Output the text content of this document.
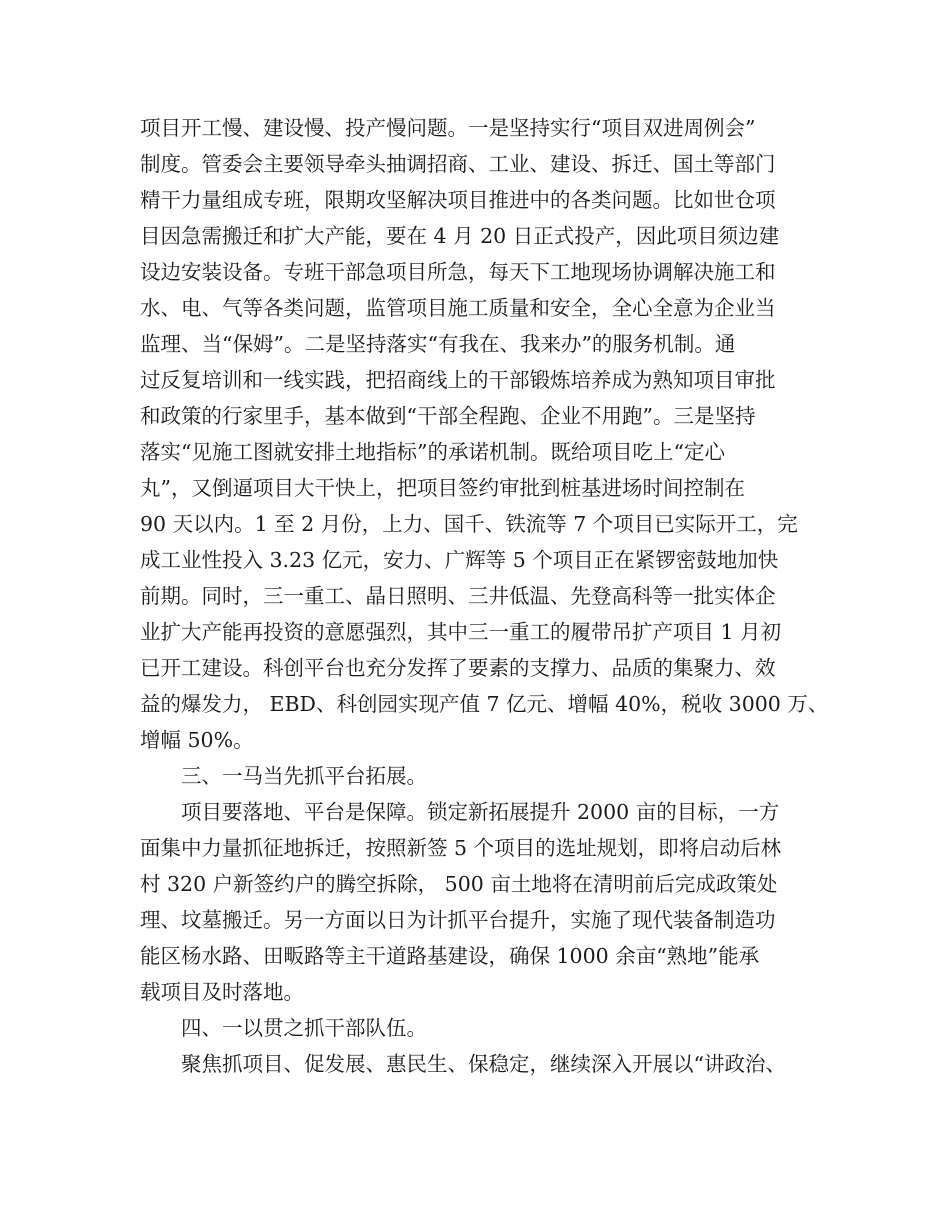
项目开工慢、建设慢、投产慢问题。一是坚持实行“项目双进周例会”
制度。管委会主要领导牵头抽调招商、工业、建设、拆迁、国土等部门
精干力量组成专班，限期攻坚解决项目推进中的各类问题。比如世仓项
目因急需搬迁和扩大产能，要在 4 月 20 日正式投产，因此项目须边建
设边安装设备。专班干部急项目所急，每天下工地现场协调解决施工和
水、电、气等各类问题，监管项目施工质量和安全，全心全意为企业当
监理、当“保姆”。二是坚持落实“有我在、我来办”的服务机制。通
过反复培训和一线实践，把招商线上的干部锻炼培养成为熟知项目审批
和政策的行家里手，基本做到“干部全程跑、企业不用跑”。三是坚持
落实“见施工图就安排土地指标”的承诺机制。既给项目吃上“定心
丸”，又倒逼项目大干快上，把项目签约审批到桩基进场时间控制在
90 天以内。1 至 2 月份，上力、国千、铁流等 7 个项目已实际开工，完
成工业性投入 3.23 亿元，安力、广辉等 5 个项目正在紧锣密鼓地加快
前期。同时，三一重工、晶日照明、三井低温、先登高科等一批实体企
业扩大产能再投资的意愿强烈，其中三一重工的履带吊扩产项目 1 月初
已开工建设。科创平台也充分发挥了要素的支撑力、品质的集聚力、效
益的爆发力， EBD、科创园实现产值 7 亿元、增幅 40%，税收 3000 万、
增幅 50%。
三、一马当先抓平台拓展。
项目要落地、平台是保障。锁定新拓展提升 2000 亩的目标，一方
面集中力量抓征地拆迁，按照新签 5 个项目的选址规划，即将启动后林
村 320 户新签约户的腾空拆除， 500 亩土地将在清明前后完成政策处
理、坟墓搬迁。另一方面以日为计抓平台提升，实施了现代装备制造功
能区杨水路、田畈路等主干道路基建设，确保 1000 余亩“熟地”能承
载项目及时落地。
四、一以贯之抓干部队伍。
聚焦抓项目、促发展、惠民生、保稳定，继续深入开展以“讲政治、
